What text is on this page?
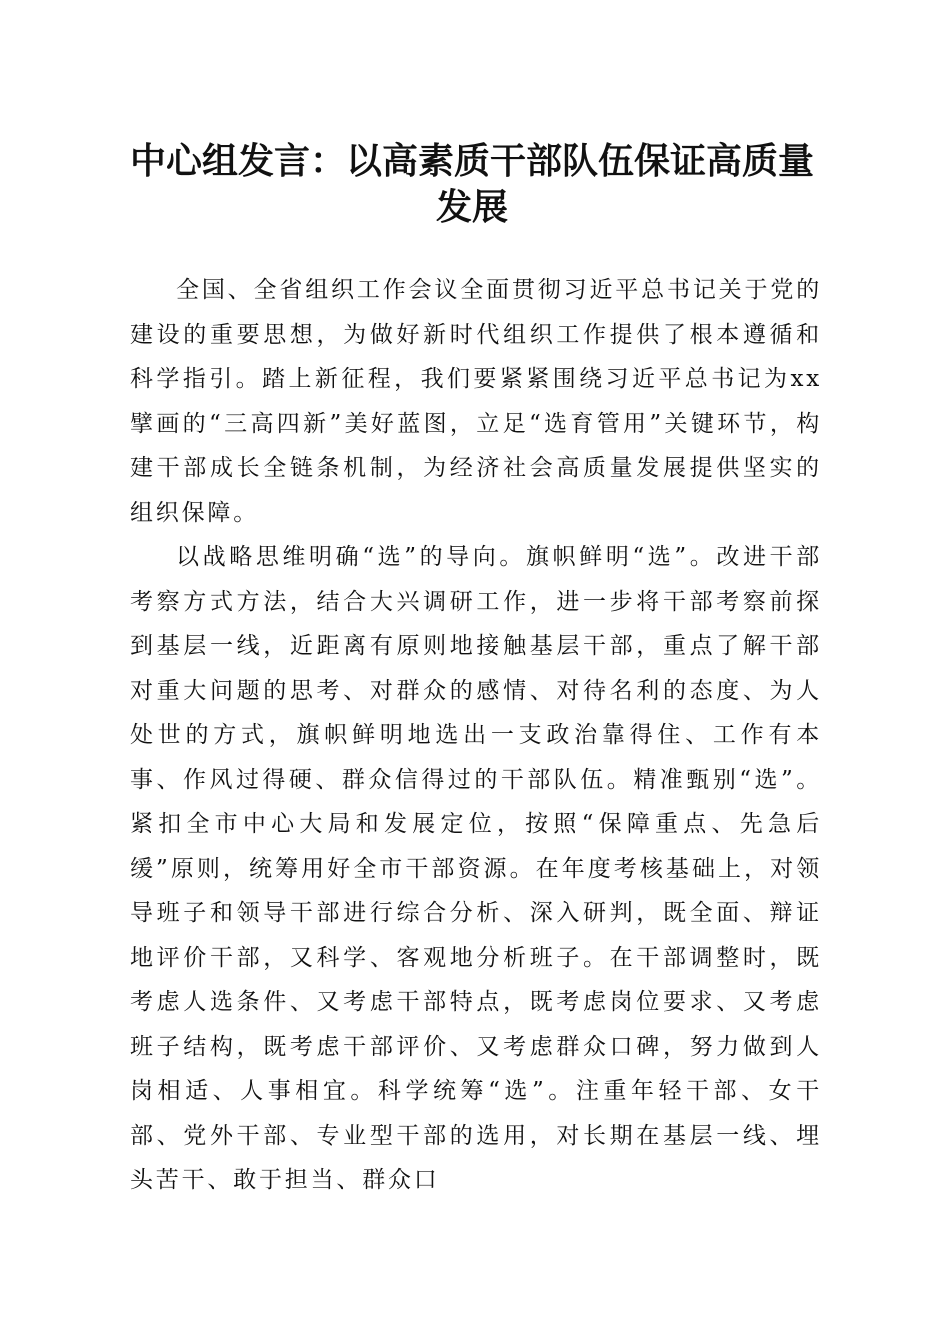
中心组发言：以高素质干部队伍保证高质量发展

全国、全省组织工作会议全面贯彻习近平总书记关于党的建设的重要思想，为做好新时代组织工作提供了根本遵循和科学指引。踏上新征程，我们要紧紧围绕习近平总书记为xx擘画的“三高四新”美好蓝图，立足“选育管用”关键环节，构建干部成长全链条机制，为经济社会高质量发展提供坚实的组织保障。

以战略思维明确“选”的导向。旗帜鲜明“选”。改进干部考察方式方法，结合大兴调研工作，进一步将干部考察前探到基层一线，近距离有原则地接触基层干部，重点了解干部对重大问题的思考、对群众的感情、对待名利的态度、为人处世的方式，旗帜鲜明地选出一支政治靠得住、工作有本事、作风过得硬、群众信得过的干部队伍。精准甄别“选”。紧扣全市中心大局和发展定位，按照“保障重点、先急后缓”原则，统筹用好全市干部资源。在年度考核基础上，对领导班子和领导干部进行综合分析、深入研判，既全面、辩证地评价干部，又科学、客观地分析班子。在干部调整时，既考虑人选条件、又考虑干部特点，既考虑岗位要求、又考虑班子结构，既考虑干部评价、又考虑群众口碑，努力做到人岗相适、人事相宜。科学统筹“选”。注重年轻干部、女干部、党外干部、专业型干部的选用，对长期在基层一线、埋头苦干、敢于担当、群众口
